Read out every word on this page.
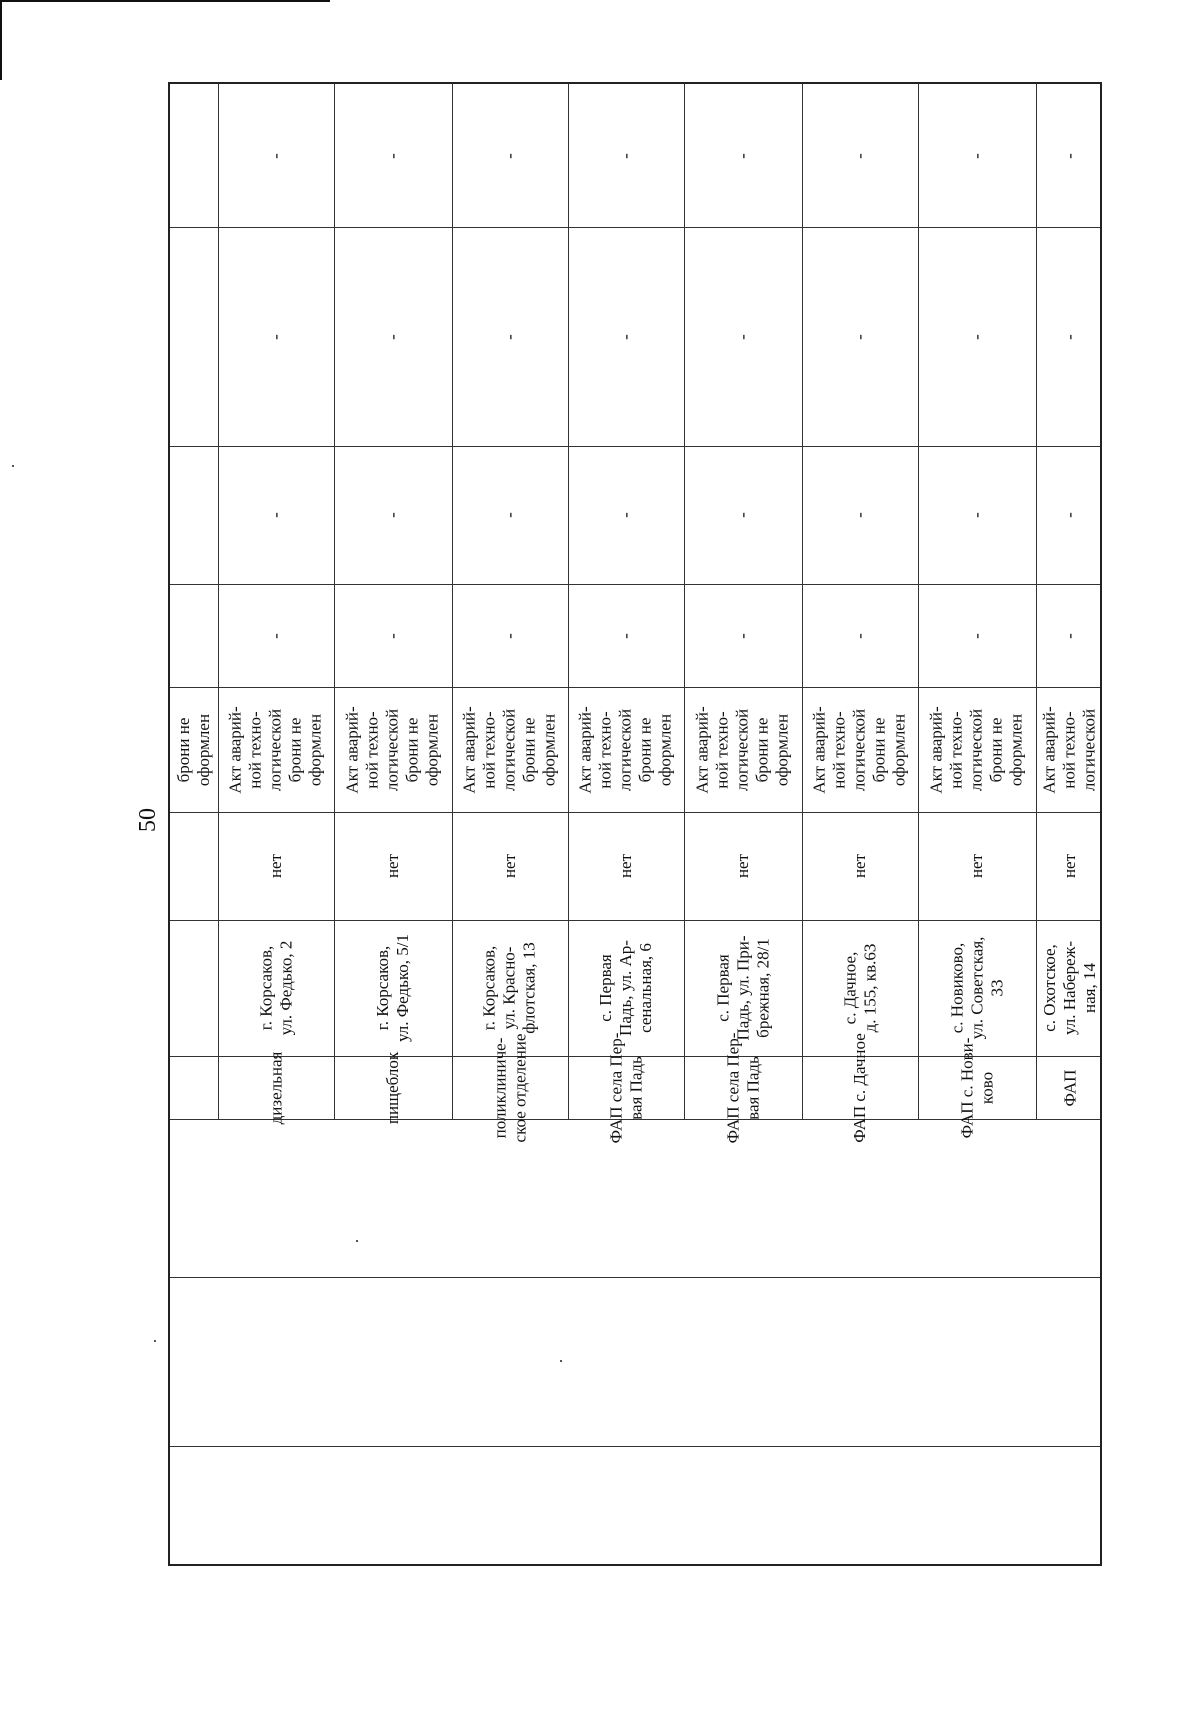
50
брони не
оформлен
-
-
-
-
Акт аварий-
ной техно-
логической
брони не
оформлен
нет
г. Корсаков,
ул. Федько, 2
дизельная
-
-
-
-
Акт аварий-
ной техно-
логической
брони не
оформлен
нет
г. Корсаков,
ул. Федько, 5/1
пищеблок
-
-
-
-
Акт аварий-
ной техно-
логической
брони не
оформлен
нет
г. Корсаков,
ул. Красно-
флотская, 13
поликлиниче-
ское отделение
-
-
-
-
Акт аварий-
ной техно-
логической
брони не
оформлен
нет
с. Первая
Падь, ул. Ар-
сенальная, 6
ФАП села Пер-
вая Падь
-
-
-
-
Акт аварий-
ной техно-
логической
брони не
оформлен
нет
с. Первая
Падь, ул. При-
брежная, 28/1
ФАП села Пер-
вая Падь
-
-
-
-
Акт аварий-
ной техно-
логической
брони не
оформлен
нет
с. Дачное,
д. 155, кв.63
ФАП с. Дачное
-
-
-
-
Акт аварий-
ной техно-
логической
брони не
оформлен
нет
с. Новиково,
ул. Советская,
33
ФАП с. Нови-
ково
-
-
-
-
Акт аварий-
ной техно-
логической
нет
с. Охотское,
ул. Набереж-
ная, 14
ФАП
